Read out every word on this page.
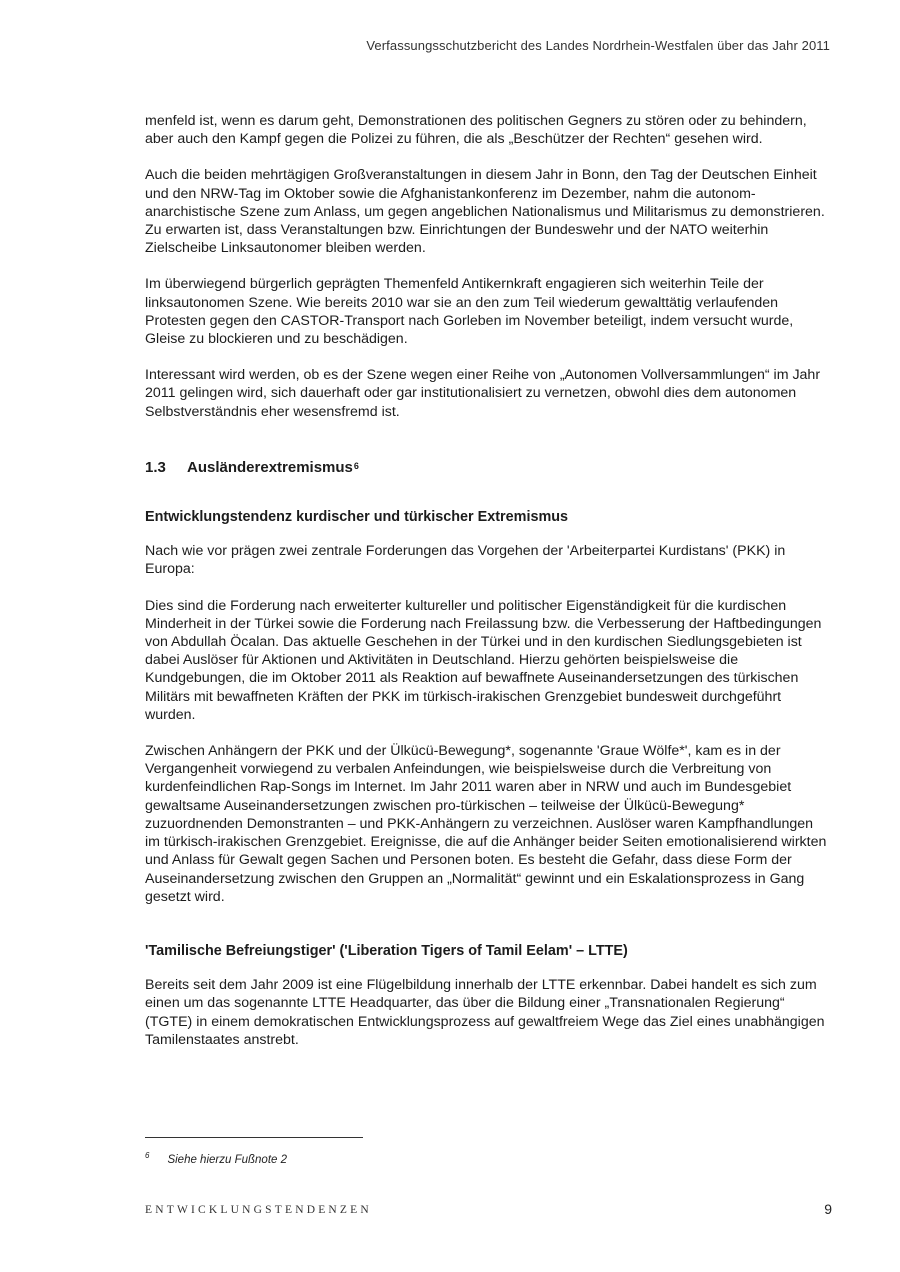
Verfassungsschutzbericht des Landes Nordrhein-Westfalen über das Jahr 2011

menfeld ist, wenn es darum geht, Demonstrationen des politischen Gegners zu stören oder zu behindern, aber auch den Kampf gegen die Polizei zu führen, die als „Beschützer der Rechten“ gesehen wird.

Auch die beiden mehrtägigen Großveranstaltungen in diesem Jahr in Bonn, den Tag der Deutschen Einheit und den NRW-Tag im Oktober sowie die Afghanistankonferenz im Dezember, nahm die autonom-anarchistische Szene zum Anlass, um gegen angeblichen Nationalismus und Militarismus zu demonstrieren. Zu erwarten ist, dass Veranstaltungen bzw. Einrichtungen der Bundeswehr und der NATO weiterhin Zielscheibe Linksautonomer bleiben werden.

Im überwiegend bürgerlich geprägten Themenfeld Antikernkraft engagieren sich weiterhin Teile der linksautonomen Szene. Wie bereits 2010 war sie an den zum Teil wiederum gewalttätig verlaufenden Protesten gegen den CASTOR-Transport nach Gorleben im November beteiligt, indem versucht wurde, Gleise zu blockieren und zu beschädigen.

Interessant wird werden, ob es der Szene wegen einer Reihe von „Autonomen Vollversammlungen“ im Jahr 2011 gelingen wird, sich dauerhaft oder gar institutionalisiert zu vernetzen, obwohl dies dem autonomen Selbstverständnis eher wesensfremd ist.

1.3	Ausländerextremismus$^6$
Entwicklungstendenz kurdischer und türkischer Extremismus

Nach wie vor prägen zwei zentrale Forderungen das Vorgehen der 'Arbeiterpartei Kurdistans' (PKK) in Europa:

Dies sind die Forderung nach erweiterter kultureller und politischer Eigenständigkeit für die kurdischen Minderheit in der Türkei sowie die Forderung nach Freilassung bzw. die Verbesserung der Haftbedingungen von Abdullah Öcalan. Das aktuelle Geschehen in der Türkei und in den kurdischen Siedlungsgebieten ist dabei Auslöser für Aktionen und Aktivitäten in Deutschland. Hierzu gehörten beispielsweise die Kundgebungen, die im Oktober 2011 als Reaktion auf bewaffnete Auseinandersetzungen des türkischen Militärs mit bewaffneten Kräften der PKK im türkisch-irakischen Grenzgebiet bundesweit durchgeführt wurden.

Zwischen Anhängern der PKK und der Ülkücü-Bewegung*, sogenannte 'Graue Wölfe*', kam es in der Vergangenheit vorwiegend zu verbalen Anfeindungen, wie beispielsweise durch die Verbreitung von kurdenfeindlichen Rap-Songs im Internet. Im Jahr 2011 waren aber in NRW und auch im Bundesgebiet gewaltsame Auseinandersetzungen zwischen pro-türkischen – teilweise der Ülkücü-Bewegung* zuzuordnenden Demonstranten – und PKK-Anhängern zu verzeichnen. Auslöser waren Kampfhandlungen im türkisch-irakischen Grenzgebiet. Ereignisse, die auf die Anhänger beider Seiten emotionalisierend wirkten und Anlass für Gewalt gegen Sachen und Personen boten. Es besteht die Gefahr, dass diese Form der Auseinandersetzung zwischen den Gruppen an „Normalität“ gewinnt und ein Eskalationsprozess in Gang gesetzt wird.

'Tamilische Befreiungstiger' ('Liberation Tigers of Tamil Eelam' – LTTE)

Bereits seit dem Jahr 2009 ist eine Flügelbildung innerhalb der LTTE erkennbar. Dabei handelt es sich zum einen um das sogenannte LTTE Headquarter, das über die Bildung einer „Transnationalen Regierung“ (TGTE) in einem demokratischen Entwicklungsprozess auf gewaltfreiem Wege das Ziel eines unabhängigen Tamilenstaates anstrebt.

$^6$ Siehe hierzu Fußnote 2
ENTWICKLUNGSTENDENZEN	9
